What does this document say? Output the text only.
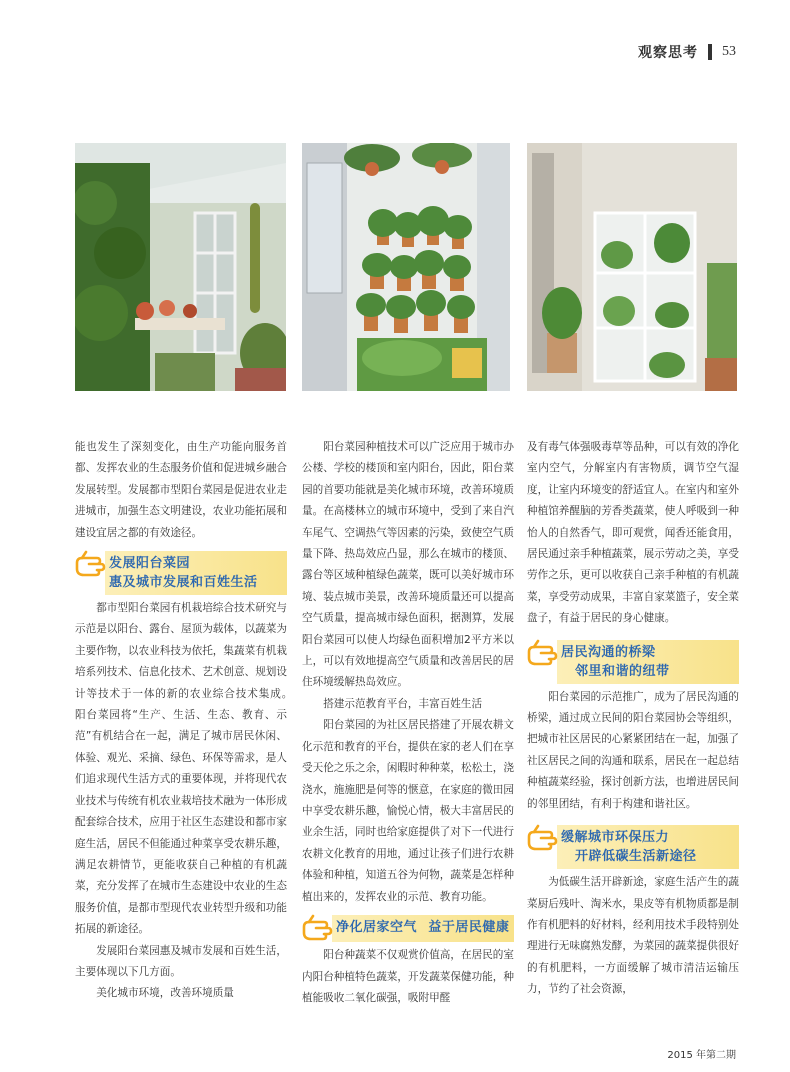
观察思考 53

能也发生了深刻变化，由生产功能向服务首都、发挥农业的生态服务价值和促进城乡融合发展转型。发展都市型阳台菜园是促进农业走进城市，加强生态文明建设，农业功能拓展和建设宜居之都的有效途径。

发展阳台菜园
惠及城市发展和百姓生活

都市型阳台菜园有机栽培综合技术研究与示范是以阳台、露台、屋顶为载体，以蔬菜为主要作物，以农业科技为依托，集蔬菜有机栽培系列技术、信息化技术、艺术创意、规划设计等技术于一体的新的农业综合技术集成。　阳台菜园将“生产、生活、生态、教育、示范”有机结合在一起，满足了城市居民休闲、体验、观光、采摘、绿色、环保等需求，是人们追求现代生活方式的重要体现，并将现代农业技术与传统有机农业栽培技术融为一体形成配套综合技术，应用于社区生态建设和都市家庭生活，居民不但能通过种菜享受农耕乐趣，满足农耕情节，更能收获自己种植的有机蔬菜，充分发挥了在城市生态建设中农业的生态服务价值，是都市型现代农业转型升级和功能拓展的新途径。

发展阳台菜园惠及城市发展和百姓生活，主要体现以下几方面。

美化城市环境，改善环境质量

阳台菜园种植技术可以广泛应用于城市办公楼、学校的楼顶和室内阳台，因此，阳台菜园的首要功能就是美化城市环境，改善环境质量。在高楼林立的城市环境中，受到了来自汽车尾气、空调热气等因素的污染，致使空气质量下降、热岛效应凸显，那么在城市的楼顶、露台等区域种植绿色蔬菜，既可以美好城市环境、装点城市美景，改善环境质量还可以提高空气质量，提高城市绿色面积，据测算，发展阳台菜园可以使人均绿色面积增加2平方米以上，可以有效地提高空气质量和改善居民的居住环境缓解热岛效应。

搭建示范教育平台，丰富百姓生活

阳台菜园的为社区居民搭建了开展农耕文化示范和教育的平台，提供在家的老人们在享受天伦之乐之余，闲暇时种种菜，松松土，浇浇水，施施肥是何等的惬意，在家庭的微田园中享受农耕乐趣，愉悦心情，极大丰富居民的业余生活，同时也给家庭提供了对下一代进行农耕文化教育的用地，通过让孩子们进行农耕体验和种植，知道五谷为何物，蔬菜是怎样种植出来的，发挥农业的示范、教育功能。

净化居家空气 益于居民健康

阳台种蔬菜不仅观赏价值高，在居民的室内阳台种植特色蔬菜，开发蔬菜保健功能，种植能吸收二氧化碳强，吸附甲醛

及有毒气体强吸毒草等品种，可以有效的净化室内空气，分解室内有害物质，调节空气湿度，让室内环境变的舒适宜人。在室内和室外种植馆养醒脑的芳香类蔬菜，使人呼吸到一种怡人的自然香气，即可观赏，闻香还能食用，居民通过亲手种植蔬菜，展示劳动之美，享受劳作之乐，更可以收获自己亲手种植的有机蔬菜，享受劳动成果，丰富自家菜篮子，安全菜盘子，有益于居民的身心健康。

居民沟通的桥梁
邻里和谐的纽带

阳台菜园的示范推广，成为了居民沟通的桥梁，通过成立民间的阳台菜园协会等组织，把城市社区居民的心紧紧团结在一起，加强了社区居民之间的沟通和联系，居民在一起总结种植蔬菜经验，探讨创新方法，也增进居民间的邻里团结，有利于构建和谐社区。

缓解城市环保压力
开辟低碳生活新途径

为低碳生活开辟新途，家庭生活产生的蔬菜厨后残叶、淘米水，果皮等有机物质都是制作有机肥料的好材料，经利用技术手段特别处理进行无味腐熟发酵，为菜园的蔬菜提供很好的有机肥料，一方面缓解了城市清洁运输压力，节约了社会资源，

2015 年第二期
